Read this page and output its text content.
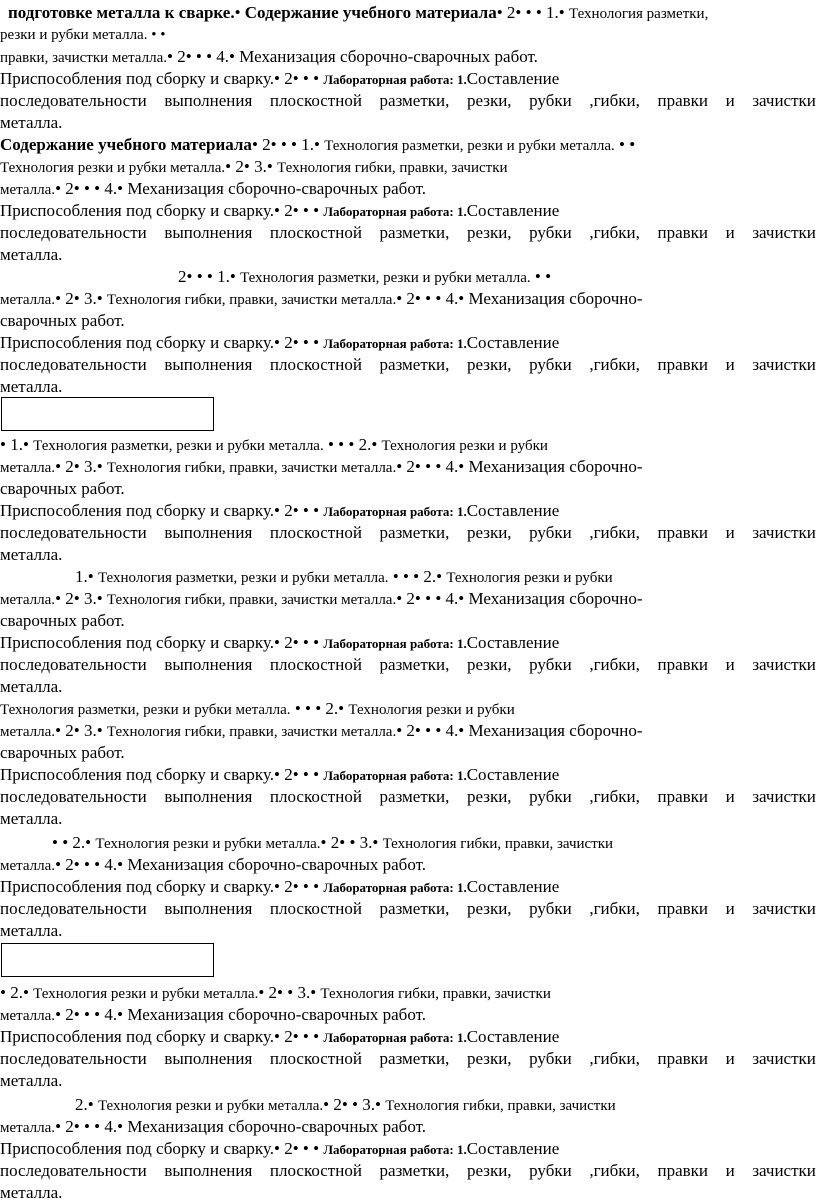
подготовке металла к сварке.• Содержание учебного материала• 2• • • 1.• Технология разметки,
резки и рубки металла. • •
правки, зачистки металла.• 2• • • 4.• Механизация сборочно-сварочных работ.
Приспособления под сборку и сварку.• 2• • • Лабораторная работа: 1.Составление
последовательности выполнения плоскостной разметки, резки, рубки ,гибки, правки и зачистки
металла.
Содержание учебного материала• 2• • • 1.• Технология разметки, резки и рубки металла. • •
Технология резки и рубки металла.• 2• 3.• Технология гибки, правки, зачистки
металла.• 2• • • 4.• Механизация сборочно-сварочных работ.
Приспособления под сборку и сварку.• 2• • • Лабораторная работа: 1.Составление
последовательности выполнения плоскостной разметки, резки, рубки ,гибки, правки и зачистки
металла.
2• • • 1.• Технология разметки, резки и рубки металла. • •
металла.• 2• 3.• Технология гибки, правки, зачистки металла.• 2• • • 4.• Механизация сборочно-
сварочных работ.
Приспособления под сборку и сварку.• 2• • • Лабораторная работа: 1.Составление
последовательности выполнения плоскостной разметки, резки, рубки ,гибки, правки и зачистки
металла.
• 1.• Технология разметки, резки и рубки металла. • • • 2.• Технология резки и рубки
металла.• 2• 3.• Технология гибки, правки, зачистки металла.• 2• • • 4.• Механизация сборочно-
сварочных работ.
Приспособления под сборку и сварку.• 2• • • Лабораторная работа: 1.Составление
последовательности выполнения плоскостной разметки, резки, рубки ,гибки, правки и зачистки
металла.
1.• Технология разметки, резки и рубки металла. • • • 2.• Технология резки и рубки
металла.• 2• 3.• Технология гибки, правки, зачистки металла.• 2• • • 4.• Механизация сборочно-
сварочных работ.
Приспособления под сборку и сварку.• 2• • • Лабораторная работа: 1.Составление
последовательности выполнения плоскостной разметки, резки, рубки ,гибки, правки и зачистки
металла.
Технология разметки, резки и рубки металла. • • • 2.• Технология резки и рубки
металла.• 2• 3.• Технология гибки, правки, зачистки металла.• 2• • • 4.• Механизация сборочно-
сварочных работ.
Приспособления под сборку и сварку.• 2• • • Лабораторная работа: 1.Составление
последовательности выполнения плоскостной разметки, резки, рубки ,гибки, правки и зачистки
металла.
• • 2.• Технология резки и рубки металла.• 2• • 3.• Технология гибки, правки, зачистки
металла.• 2• • • 4.• Механизация сборочно-сварочных работ.
Приспособления под сборку и сварку.• 2• • • Лабораторная работа: 1.Составление
последовательности выполнения плоскостной разметки, резки, рубки ,гибки, правки и зачистки
металла.
• 2.• Технология резки и рубки металла.• 2• • 3.• Технология гибки, правки, зачистки
металла.• 2• • • 4.• Механизация сборочно-сварочных работ.
Приспособления под сборку и сварку.• 2• • • Лабораторная работа: 1.Составление
последовательности выполнения плоскостной разметки, резки, рубки ,гибки, правки и зачистки
металла.
2.• Технология резки и рубки металла.• 2• • 3.• Технология гибки, правки, зачистки
металла.• 2• • • 4.• Механизация сборочно-сварочных работ.
Приспособления под сборку и сварку.• 2• • • Лабораторная работа: 1.Составление
последовательности выполнения плоскостной разметки, резки, рубки ,гибки, правки и зачистки
металла.
